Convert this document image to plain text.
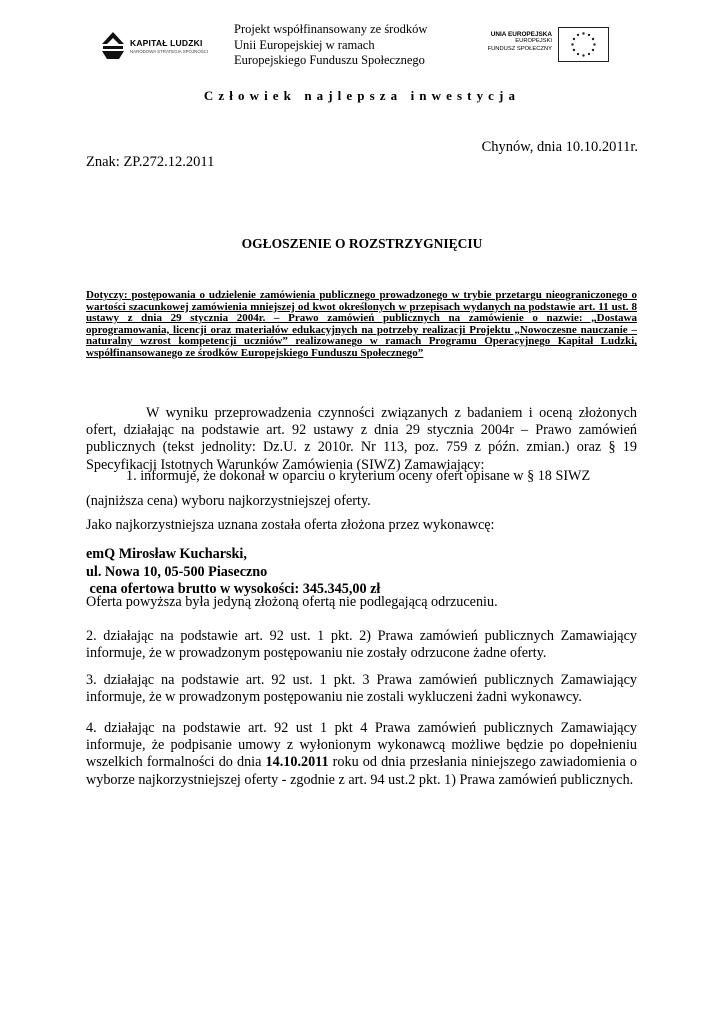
KAPITAŁ LUDZKI
NARODOWA STRATEGIA SPÓJNOŚCI
Projekt współfinansowany ze środków
Unii Europejskiej w ramach
Europejskiego Funduszu Społecznego
UNIA EUROPEJSKA
EUROPEJSKI
FUNDUSZ SPOŁECZNY
Człowiek najlepsza inwestycja
Chynów, dnia 10.10.2011r.
Znak: ZP.272.12.2011
OGŁOSZENIE O ROZSTRZYGNIĘCIU
Dotyczy: postępowania o udzielenie zamówienia publicznego prowadzonego w trybie przetargu nieograniczonego o wartości szacunkowej zamówienia mniejszej od kwot określonych w przepisach wydanych na podstawie art. 11 ust. 8 ustawy z dnia 29 stycznia 2004r. – Prawo zamówień publicznych na zamówienie o nazwie: „Dostawa oprogramowania, licencji oraz materiałów edukacyjnych na potrzeby realizacji Projektu „Nowoczesne nauczanie – naturalny wzrost kompetencji uczniów” realizowanego w ramach Programu Operacyjnego Kapitał Ludzki, współfinansowanego ze środków Europejskiego Funduszu Społecznego”
W wyniku przeprowadzenia czynności związanych z badaniem i oceną złożonych ofert, działając na podstawie art. 92 ustawy z dnia 29 stycznia 2004r – Prawo zamówień publicznych (tekst jednolity: Dz.U. z 2010r. Nr 113, poz. 759 z późn. zmian.) oraz § 19 Specyfikacji Istotnych Warunków Zamówienia (SIWZ) Zamawiający:
1. informuje, że dokonał w oparciu o kryterium oceny ofert opisane w § 18 SIWZ
(najniższa cena) wyboru najkorzystniejszej oferty.
Jako najkorzystniejsza uznana została oferta złożona przez wykonawcę:
emQ Mirosław Kucharski,
ul. Nowa 10, 05-500 Piaseczno
cena ofertowa brutto w wysokości: 345.345,00 zł
Oferta powyższa była jedyną złożoną ofertą nie podlegającą odrzuceniu.
2. działając na podstawie art. 92 ust. 1 pkt. 2) Prawa zamówień publicznych Zamawiający informuje, że w prowadzonym postępowaniu nie zostały odrzucone żadne oferty.
3. działając na podstawie art. 92 ust. 1 pkt. 3 Prawa zamówień publicznych Zamawiający informuje, że w prowadzonym postępowaniu nie zostali wykluczeni żadni wykonawcy.
4. działając na podstawie art. 92 ust 1 pkt 4 Prawa zamówień publicznych Zamawiający informuje, że podpisanie umowy z wyłonionym wykonawcą możliwe będzie po dopełnieniu wszelkich formalności do dnia 14.10.2011 roku od dnia przesłania niniejszego zawiadomienia o wyborze najkorzystniejszej oferty - zgodnie z art. 94 ust.2 pkt. 1) Prawa zamówień publicznych.
